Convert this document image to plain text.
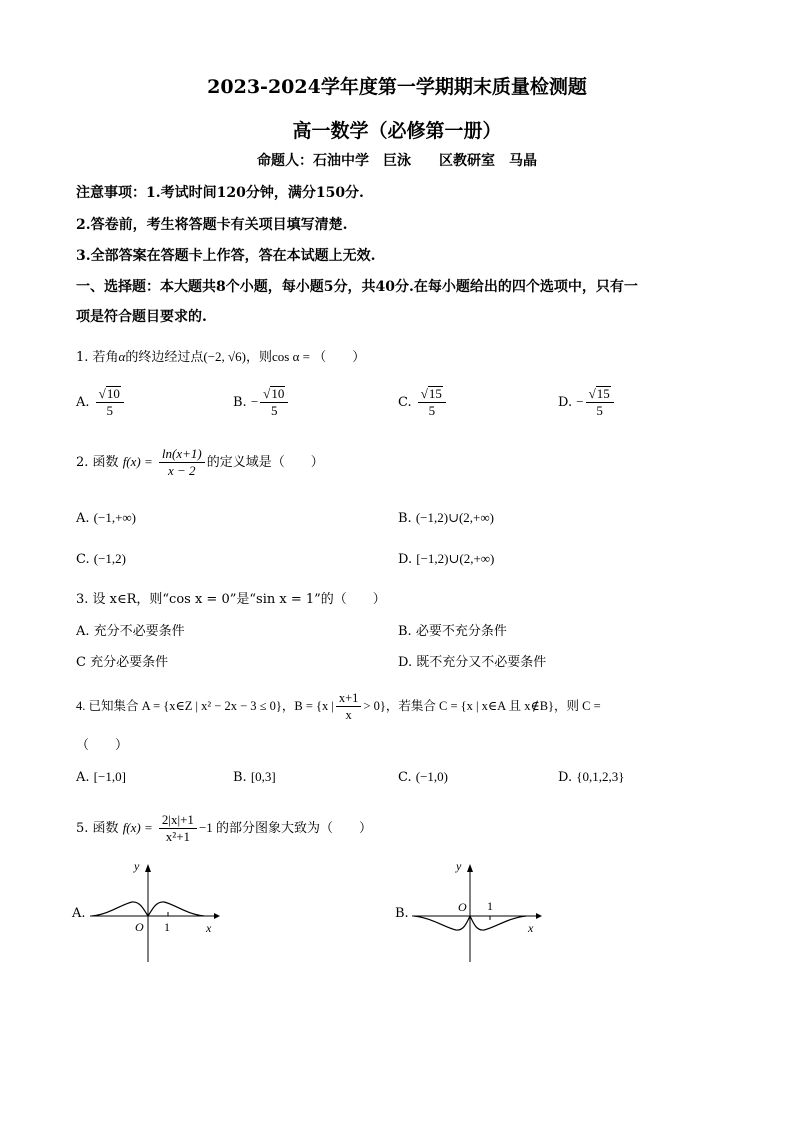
2023-2024学年度第一学期期末质量检测题
高一数学（必修第一册）
命题人：石油中学　巨泳　　区教研室　马晶
注意事项：1.考试时间120分钟，满分150分.
2.答卷前，考生将答题卡有关项目填写清楚.
3.全部答案在答题卡上作答，答在本试题上无效.
一、选择题：本大题共8个小题，每小题5分，共40分.在每小题给出的四个选项中，只有一
项是符合题目要求的.
1. 若角α的终边经过点(−2, √6)，则cos α = （　　）
A. $\frac{√10}{5}$	B. − $\frac{√10}{5}$	C. $\frac{√15}{5}$	D. − $\frac{√15}{5}$
2. 函数 $f(x) = \frac{\ln(x+1)}{x - 2}$ 的定义域是（　　）
A. (−1,+∞)	B. (−1,2)∪(2,+∞)
C. (−1,2)	D. [−1,2)∪(2,+∞)
3. 设 x∈R，则“cos x = 0”是“sin x = 1”的（　　）
A. 充分不必要条件	B. 必要不充分条件
C 充分必要条件	D. 既不充分又不必要条件
4. 已知集合 A = {x∈Z | x² − 2x − 3 ≤ 0}，B = {x | $\frac{x+1}{x} > 0$}，若集合 C = {x | x∈A 且 x∉B}，则 C =
（　　）
A. [−1,0]	B. [0,3]	C. (−1,0)	D. {0,1,2,3}
5. 函数 $f(x) = \frac{2|x|+1}{\text{x²+1}} -1$ 的部分图象大致为（　　）
A.
y
x
O 1
B.
y
x
O 1
